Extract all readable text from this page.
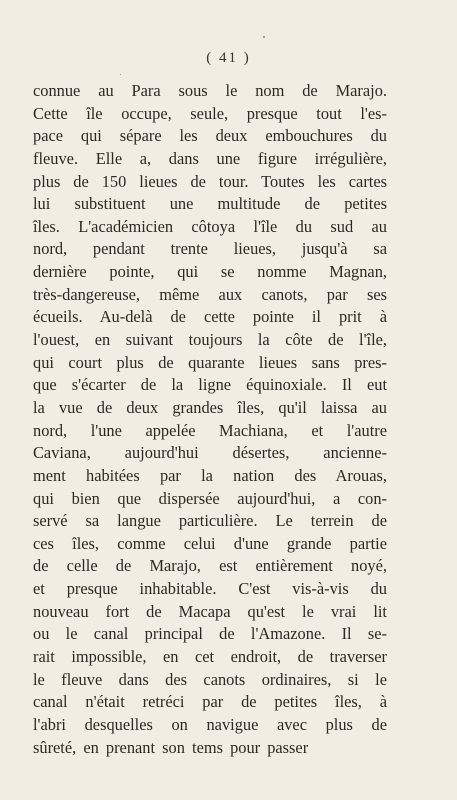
( 41 )
connue au Para sous le nom de Marajo.
Cette île occupe, seule, presque tout l'es-
pace qui sépare les deux embouchures du
fleuve. Elle a, dans une figure irrégulière,
plus de 150 lieues de tour. Toutes les cartes
lui substituent une multitude de petites
îles. L'académicien côtoya l'île du sud au
nord, pendant trente lieues, jusqu'à sa
dernière pointe, qui se nomme Magnan,
très-dangereuse, même aux canots, par ses
écueils. Au-delà de cette pointe il prit à
l'ouest, en suivant toujours la côte de l'île,
qui court plus de quarante lieues sans pres-
que s'écarter de la ligne équinoxiale. Il eut
la vue de deux grandes îles, qu'il laissa au
nord, l'une appelée Machiana, et l'autre
Caviana, aujourd'hui désertes, ancienne-
ment habitées par la nation des Arouas,
qui bien que dispersée aujourd'hui, a con-
servé sa langue particulière. Le terrein de
ces îles, comme celui d'une grande partie
de celle de Marajo, est entièrement noyé,
et presque inhabitable. C'est vis-à-vis du
nouveau fort de Macapa qu'est le vrai lit
ou le canal principal de l'Amazone. Il se-
rait impossible, en cet endroit, de traverser
le fleuve dans des canots ordinaires, si le
canal n'était retréci par de petites îles, à
l'abri desquelles on navigue avec plus de
sûreté, en prenant son tems pour passer
